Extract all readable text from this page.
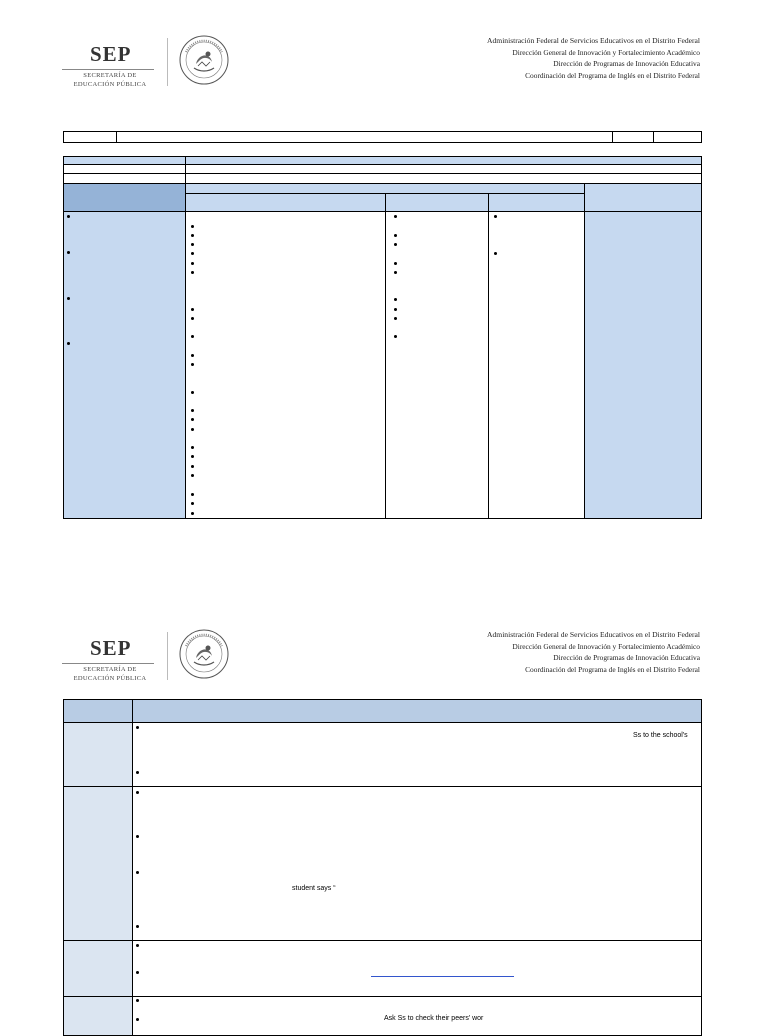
SEP
SECRETARÍA DE
EDUCACIÓN PÚBLICA
Administración Federal de Servicios Educativos en el Distrito Federal
Dirección General de Innovación y Fortalecimiento Académico
Dirección de Programas de Innovación Educativa
Coordinación del Programa de Inglés en el Distrito Federal
SEP
SECRETARÍA DE
EDUCACIÓN PÚBLICA
Administración Federal de Servicios Educativos en el Distrito Federal
Dirección General de Innovación y Fortalecimiento Académico
Dirección de Programas de Innovación Educativa
Coordinación del Programa de Inglés en el Distrito Federal
Ss to the school's
student says “
Ask Ss to check their peers' wor
